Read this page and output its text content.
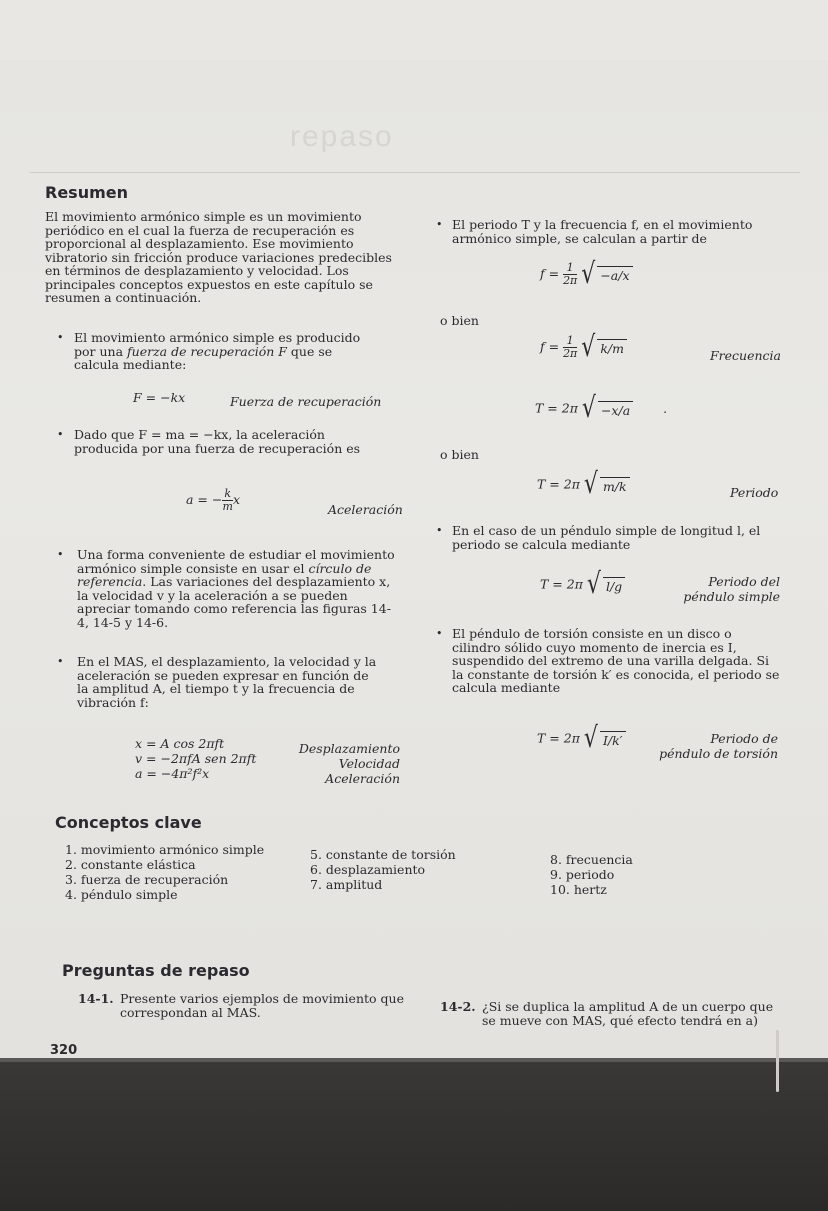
repaso
Resumen
El movimiento armónico simple es un movimiento periódico en el cual la fuerza de recuperación es proporcional al desplazamiento. Ese movimiento vibratorio sin fricción produce variaciones predecibles en términos de desplazamiento y velocidad. Los principales conceptos expuestos en este capítulo se resumen a continuación.
• El movimiento armónico simple es producido por una fuerza de recuperación F que se calcula mediante:
F = −kx	Fuerza de recuperación
• Dado que F = ma = −kx, la aceleración producida por una fuerza de recuperación es
a = − $\frac{k}{m}$ x
Aceleración
• Una forma conveniente de estudiar el movimiento armónico simple consiste en usar el círculo de referencia. Las variaciones del desplazamiento x, la velocidad v y la aceleración a se pueden apreciar tomando como referencia las figuras 14-4, 14-5 y 14-6.
• En el MAS, el desplazamiento, la velocidad y la aceleración se pueden expresar en función de la amplitud A, el tiempo t y la frecuencia de vibración f:
x = A cos 2πft
v = −2πfA sen 2πft
a = −4π²f²x
Desplazamiento
Velocidad
Aceleración
• El periodo T y la frecuencia f, en el movimiento armónico simple, se calculan a partir de
$f = \frac{1}{2\pi}$ √ −a/x
o bien
$f = \frac{1}{2\pi}$ √ k/m	Frecuencia
T = 2π √ −x/a	.
o bien
T = 2π √ m/k	Periodo
• En el caso de un péndulo simple de longitud l, el periodo se calcula mediante
T = 2π √ l/g	Periodo del
péndulo simple
• El péndulo de torsión consiste en un disco o cilindro sólido cuyo momento de inercia es I, suspendido del extremo de una varilla delgada. Si la constante de torsión k′ es conocida, el periodo se calcula mediante
T = 2π √ I/k′	Periodo de
péndulo de torsión
Conceptos clave
1. movimiento armónico simple
2. constante elástica
3. fuerza de recuperación
4. péndulo simple
5. constante de torsión
6. desplazamiento
7. amplitud
8. frecuencia
9. periodo
10. hertz
Preguntas de repaso
14-1. Presente varios ejemplos de movimiento que correspondan al MAS.	14-2. ¿Si se duplica la amplitud A de un cuerpo que se mueve con MAS, qué efecto tendrá en a)
320
